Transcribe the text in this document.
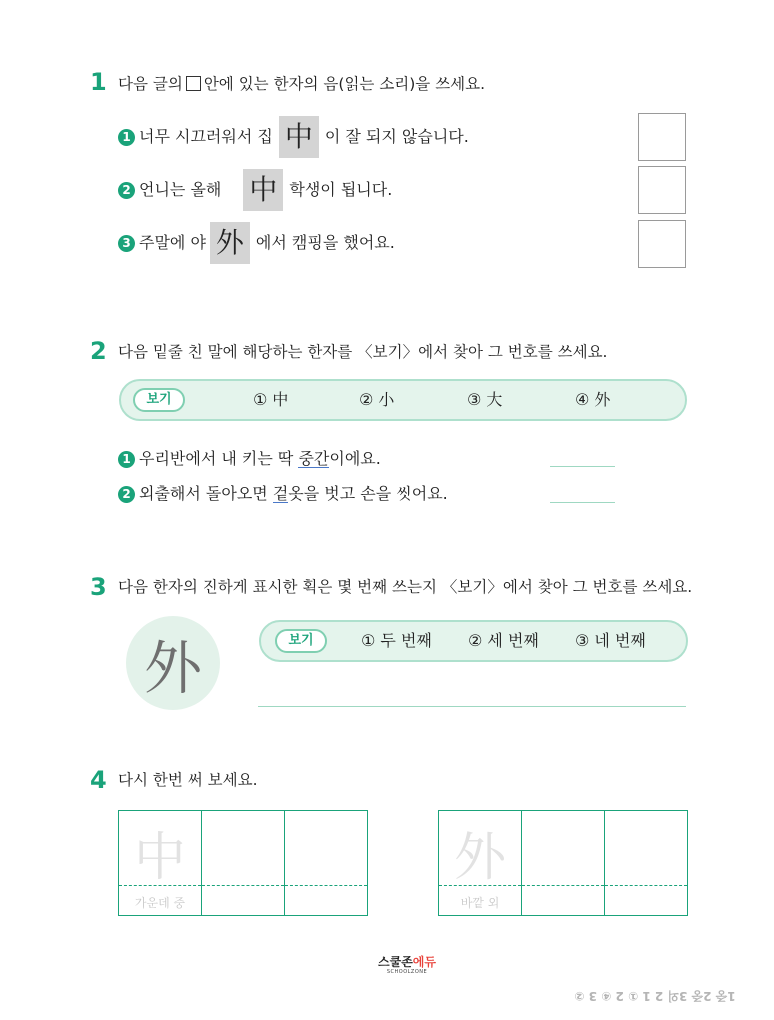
1 다음 글의 안에 있는 한자의 음(읽는 소리)을 쓰세요.
1 너무 시끄러워서 집 中 이 잘 되지 않습니다.
2 언니는 올해 中 학생이 됩니다.
3 주말에 야 外 에서 캠핑을 했어요.
2 다음 밑줄 친 말에 해당하는 한자를 〈보기〉에서 찾아 그 번호를 쓰세요.
보기	① 中	② 小	③ 大	④ 外
1 우리반에서 내 키는 딱 중간 이에요.
2 외출해서 돌아오면 겉 옷을 벗고 손을 씻어요.
3 다음 한자의 진하게 표시한 획은 몇 번째 쓰는지 〈보기〉에서 찾아 그 번호를 쓰세요.
外	보기	① 두 번째 ② 세 번째 ③ 네 번째
4 다시 한번 써 보세요.
中
가운데 중
外
바깥 외
스쿨존에듀
SCHOOLZONE
1중 2중 3외 2 1 ① 2 ④ 3 ②
